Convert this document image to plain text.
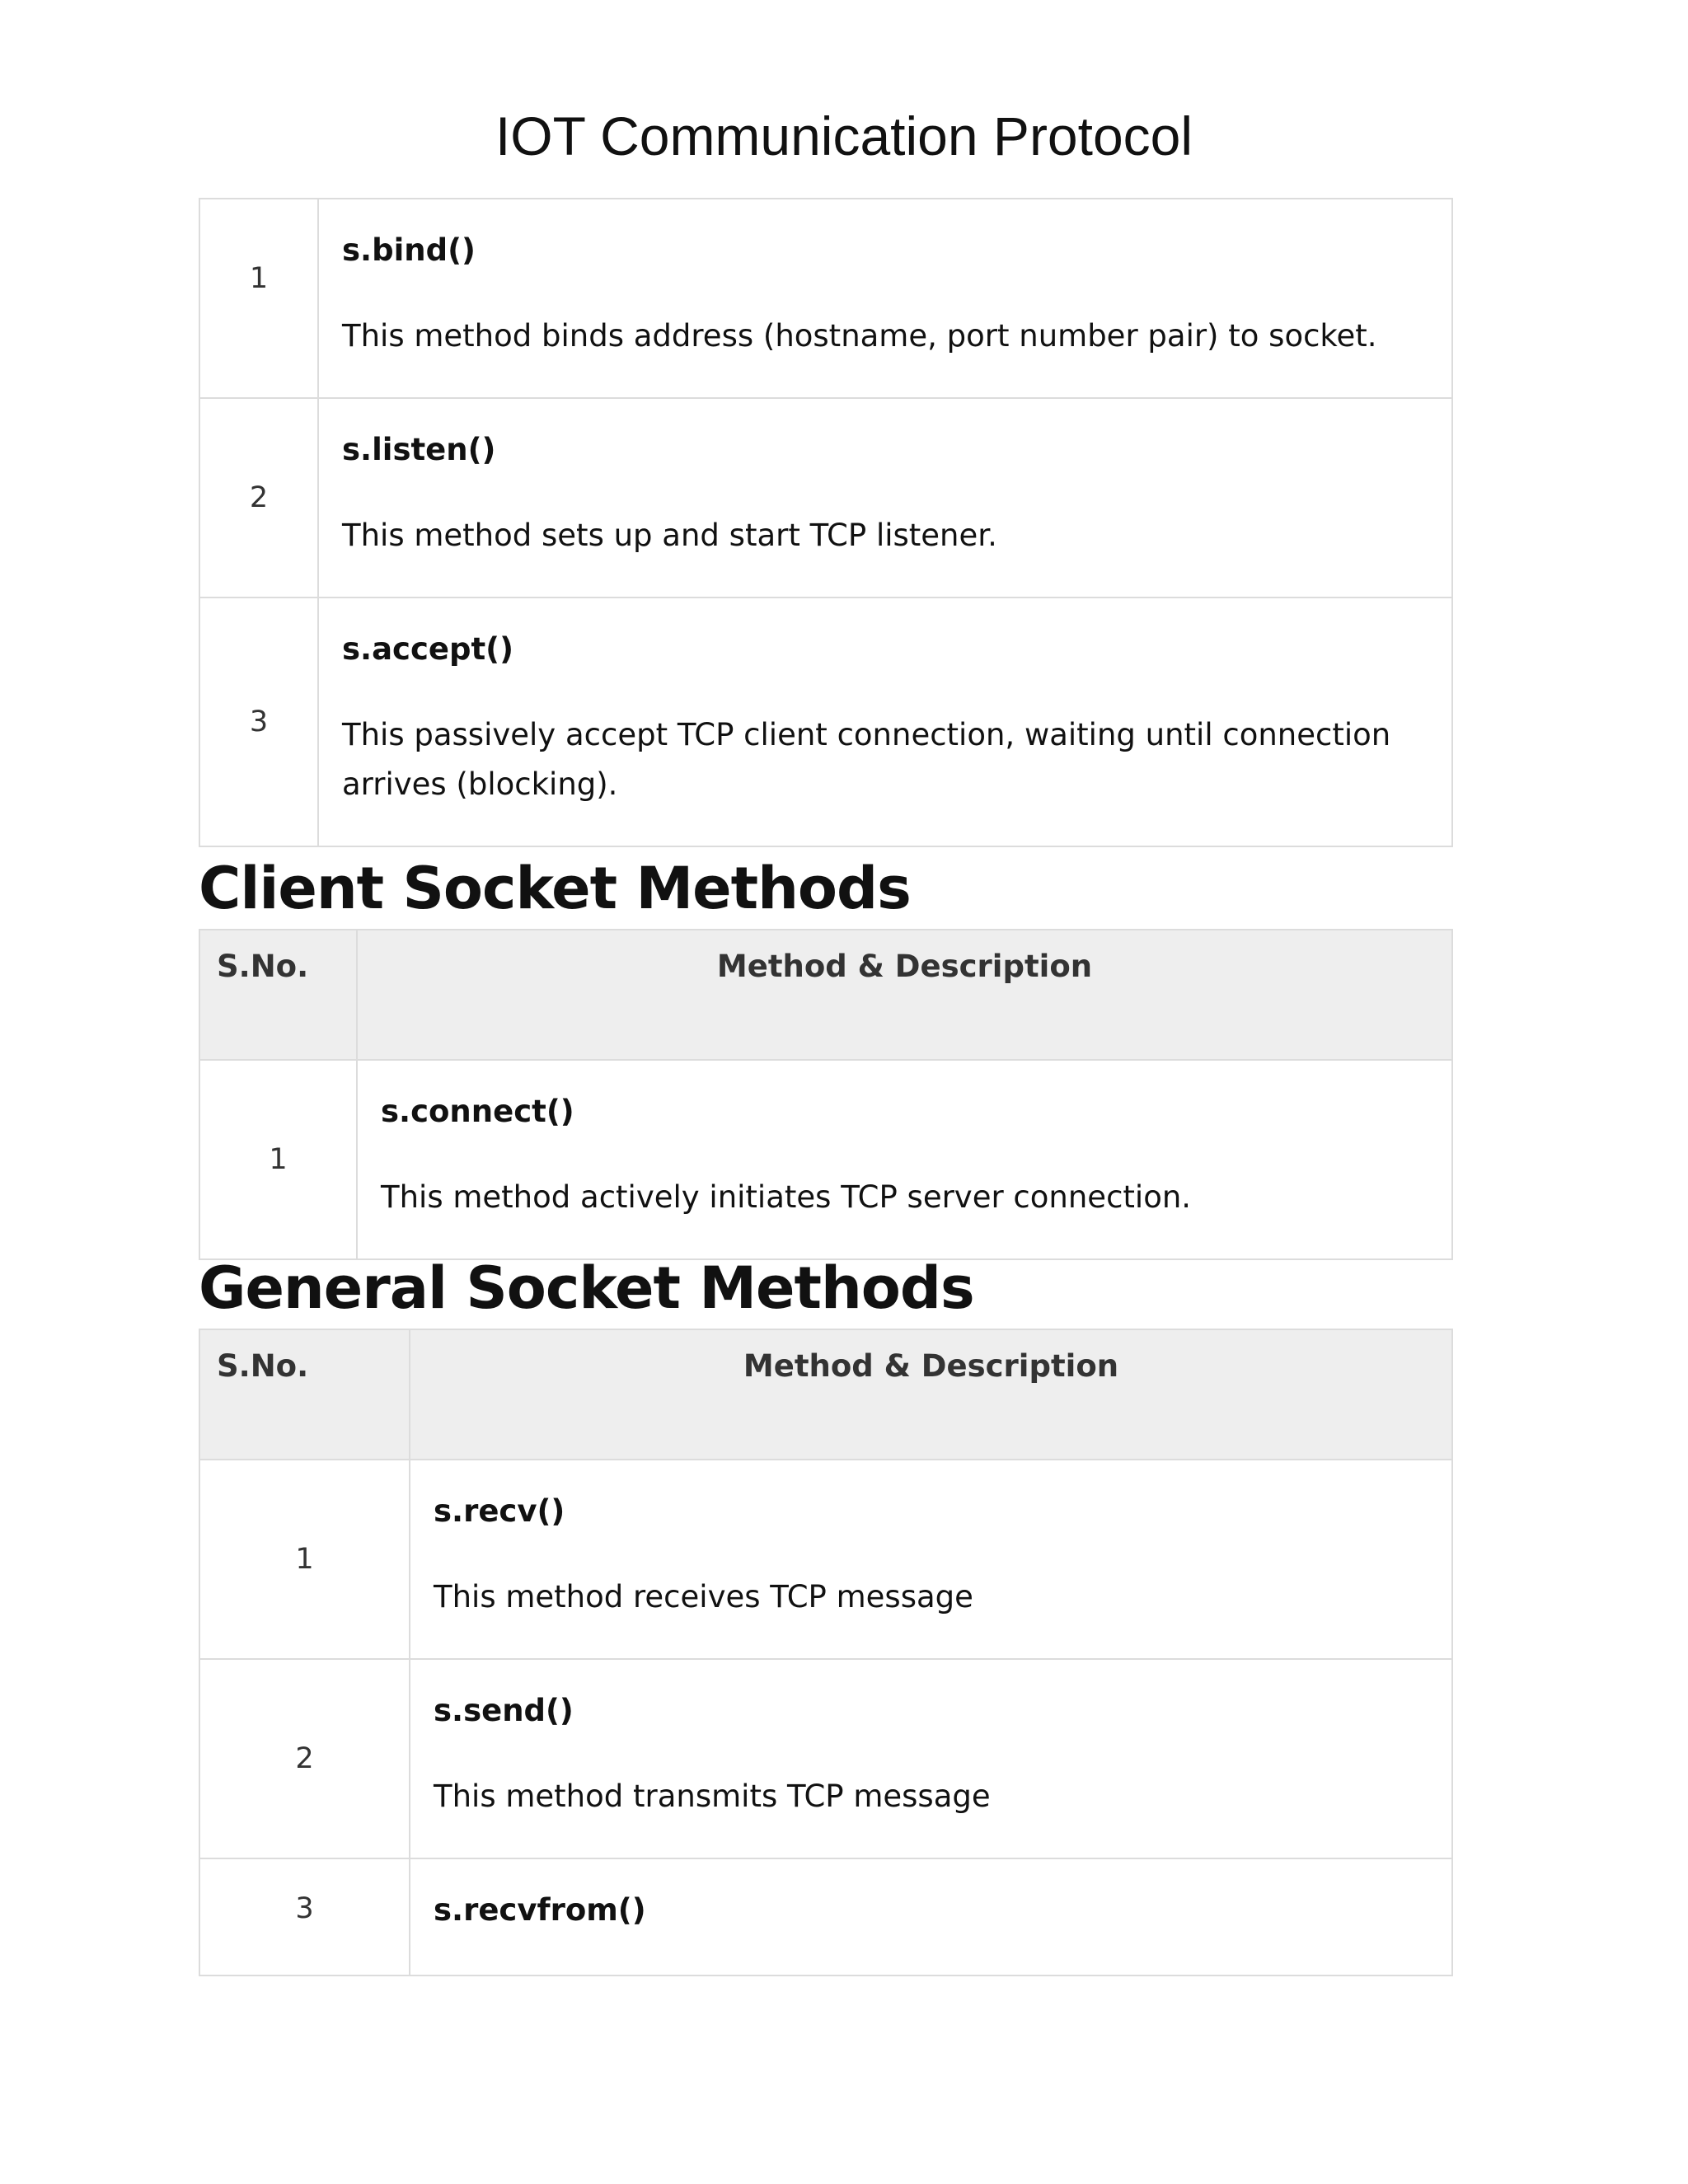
IOT Communication Protocol
1	s.bind()

This method binds address (hostname, port number pair) to socket.

2	s.listen()

This method sets up and start TCP listener.

3	s.accept()

This passively accept TCP client connection, waiting until connection arrives (blocking).

Client Socket Methods
S.No.	Method & Description
1	s.connect()

This method actively initiates TCP server connection.

General Socket Methods
S.No.	Method & Description
1	s.recv()

This method receives TCP message

2	s.send()

This method transmits TCP message

3	s.recvfrom()
